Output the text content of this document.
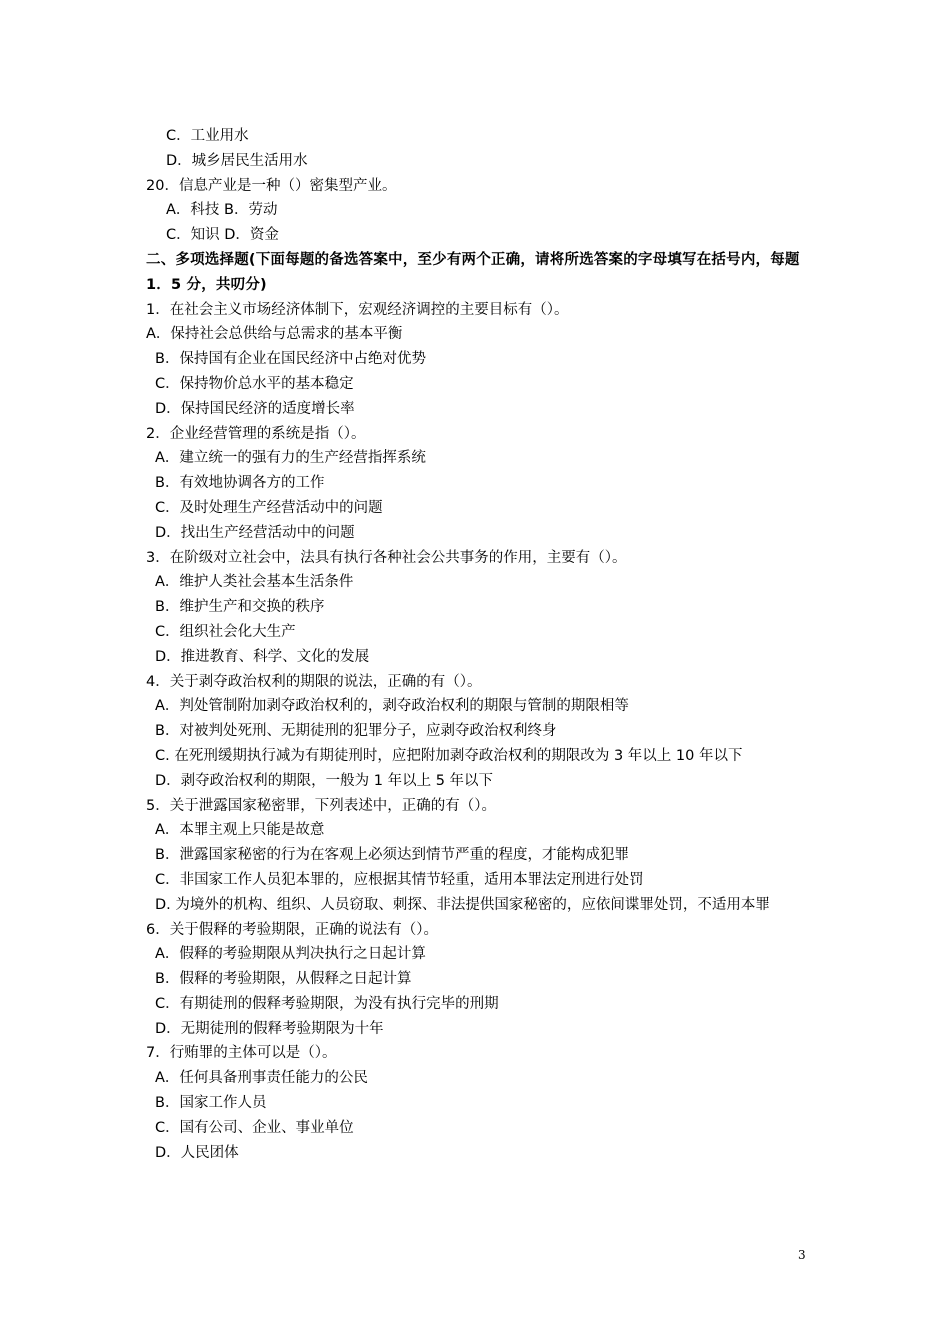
C．工业用水
D．城乡居民生活用水
20．信息产业是一种（）密集型产业。
A．科技 B．劳动
C．知识 D．资金
二、多项选择题(下面每题的备选答案中，至少有两个正确，请将所选答案的字母填写在括号内，每题 1．5 分，共叨分)
1．在社会主义市场经济体制下，宏观经济调控的主要目标有（）。
A．保持社会总供给与总需求的基本平衡
B．保持国有企业在国民经济中占绝对优势
C．保持物价总水平的基本稳定
D．保持国民经济的适度增长率
2．企业经营管理的系统是指（）。
A．建立统一的强有力的生产经营指挥系统
B．有效地协调各方的工作
C．及时处理生产经营活动中的问题
D．找出生产经营活动中的问题
3．在阶级对立社会中，法具有执行各种社会公共事务的作用，主要有（）。
A．维护人类社会基本生活条件
B．维护生产和交换的秩序
C．组织社会化大生产
D．推进教育、科学、文化的发展
4．关于剥夺政治权利的期限的说法，正确的有（）。
A．判处管制附加剥夺政治权利的，剥夺政治权利的期限与管制的期限相等
B．对被判处死刑、无期徒刑的犯罪分子，应剥夺政治权利终身
C. 在死刑缓期执行减为有期徒刑时，应把附加剥夺政治权利的期限改为 3 年以上 10 年以下
D．剥夺政治权利的期限，一般为 1 年以上 5 年以下
5．关于泄露国家秘密罪，下列表述中，正确的有（）。
A．本罪主观上只能是故意
B．泄露国家秘密的行为在客观上必须达到情节严重的程度，才能构成犯罪
C．非国家工作人员犯本罪的，应根据其情节轻重，适用本罪法定刑进行处罚
D. 为境外的机构、组织、人员窃取、刺探、非法提供国家秘密的，应依间谍罪处罚，不适用本罪
6．关于假释的考验期限，正确的说法有（）。
A．假释的考验期限从判决执行之日起计算
B．假释的考验期限，从假释之日起计算
C．有期徒刑的假释考验期限，为没有执行完毕的刑期
D．无期徒刑的假释考验期限为十年
7．行贿罪的主体可以是（）。
A．任何具备刑事责任能力的公民
B．国家工作人员
C．国有公司、企业、事业单位
D．人民团体
3
